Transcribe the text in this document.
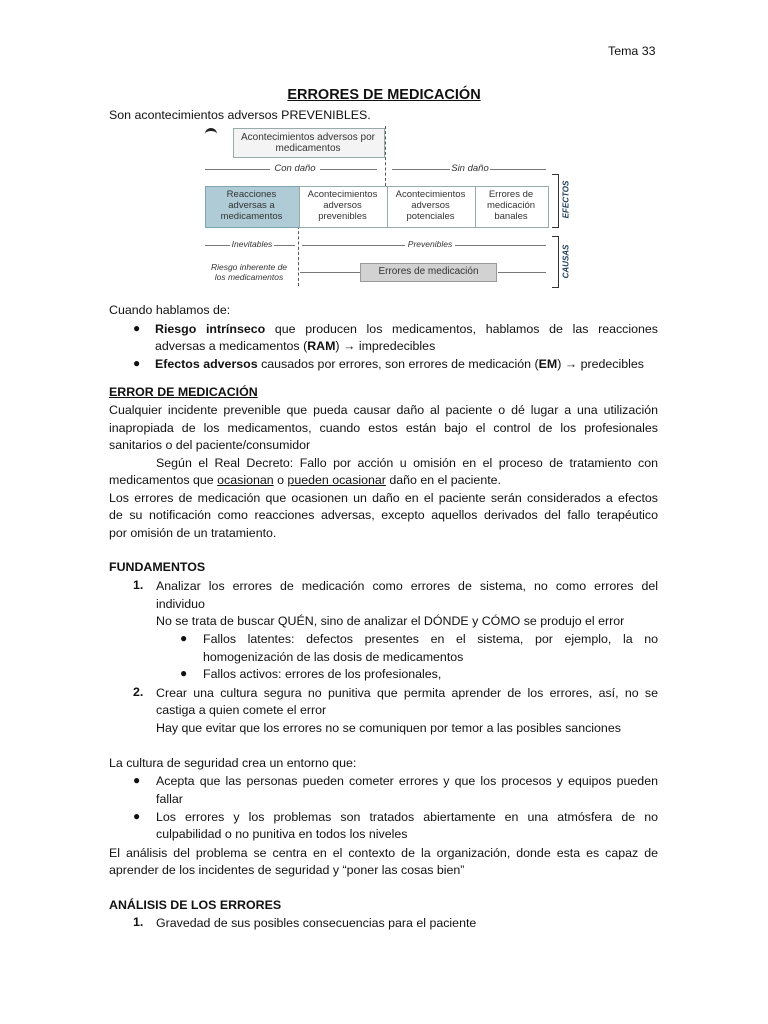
Tema 33
ERRORES DE MEDICACIÓN
Son acontecimientos adversos PREVENIBLES.
Acontecimientos adversos por medicamentos
Con daño	Sin daño
Reacciones adversas a medicamentos
Acontecimientos adversos prevenibles
Acontecimientos adversos potenciales
Errores de medicación banales	EFECTOS
CAUSAS
Inevitables	Prevenibles
Riesgo inherente de los medicamentos	Errores de medicación
Cuando hablamos de:
● Riesgo intrínseco que producen los medicamentos, hablamos de las reacciones
adversas a medicamentos (RAM) → impredecibles
● Efectos adversos causados por errores, son errores de medicación (EM) → predecibles
ERROR DE MEDICACIÓN
Cualquier incidente prevenible que pueda causar daño al paciente o dé lugar a una utilización
inapropiada de los medicamentos, cuando estos están bajo el control de los profesionales
sanitarios o del paciente/consumidor
Según el Real Decreto: Fallo por acción u omisión en el proceso de tratamiento con
medicamentos que ocasionan o pueden ocasionar daño en el paciente.
Los errores de medicación que ocasionen un daño en el paciente serán considerados a efectos
de su notificación como reacciones adversas, excepto aquellos derivados del fallo terapéutico
por omisión de un tratamiento.
FUNDAMENTOS
1. Analizar los errores de medicación como errores de sistema, no como errores del
individuo
No se trata de buscar QUÉN, sino de analizar el DÓNDE y CÓMO se produjo el error
● Fallos latentes: defectos presentes en el sistema, por ejemplo, la no
homogenización de las dosis de medicamentos
● Fallos activos: errores de los profesionales,
2. Crear una cultura segura no punitiva que permita aprender de los errores, así, no se
castiga a quien comete el error
Hay que evitar que los errores no se comuniquen por temor a las posibles sanciones
La cultura de seguridad crea un entorno que:
● Acepta que las personas pueden cometer errores y que los procesos y equipos pueden
fallar
● Los errores y los problemas son tratados abiertamente en una atmósfera de no
culpabilidad o no punitiva en todos los niveles
El análisis del problema se centra en el contexto de la organización, donde esta es capaz de
aprender de los incidentes de seguridad y “poner las cosas bien”
ANÁLISIS DE LOS ERRORES
1. Gravedad de sus posibles consecuencias para el paciente
